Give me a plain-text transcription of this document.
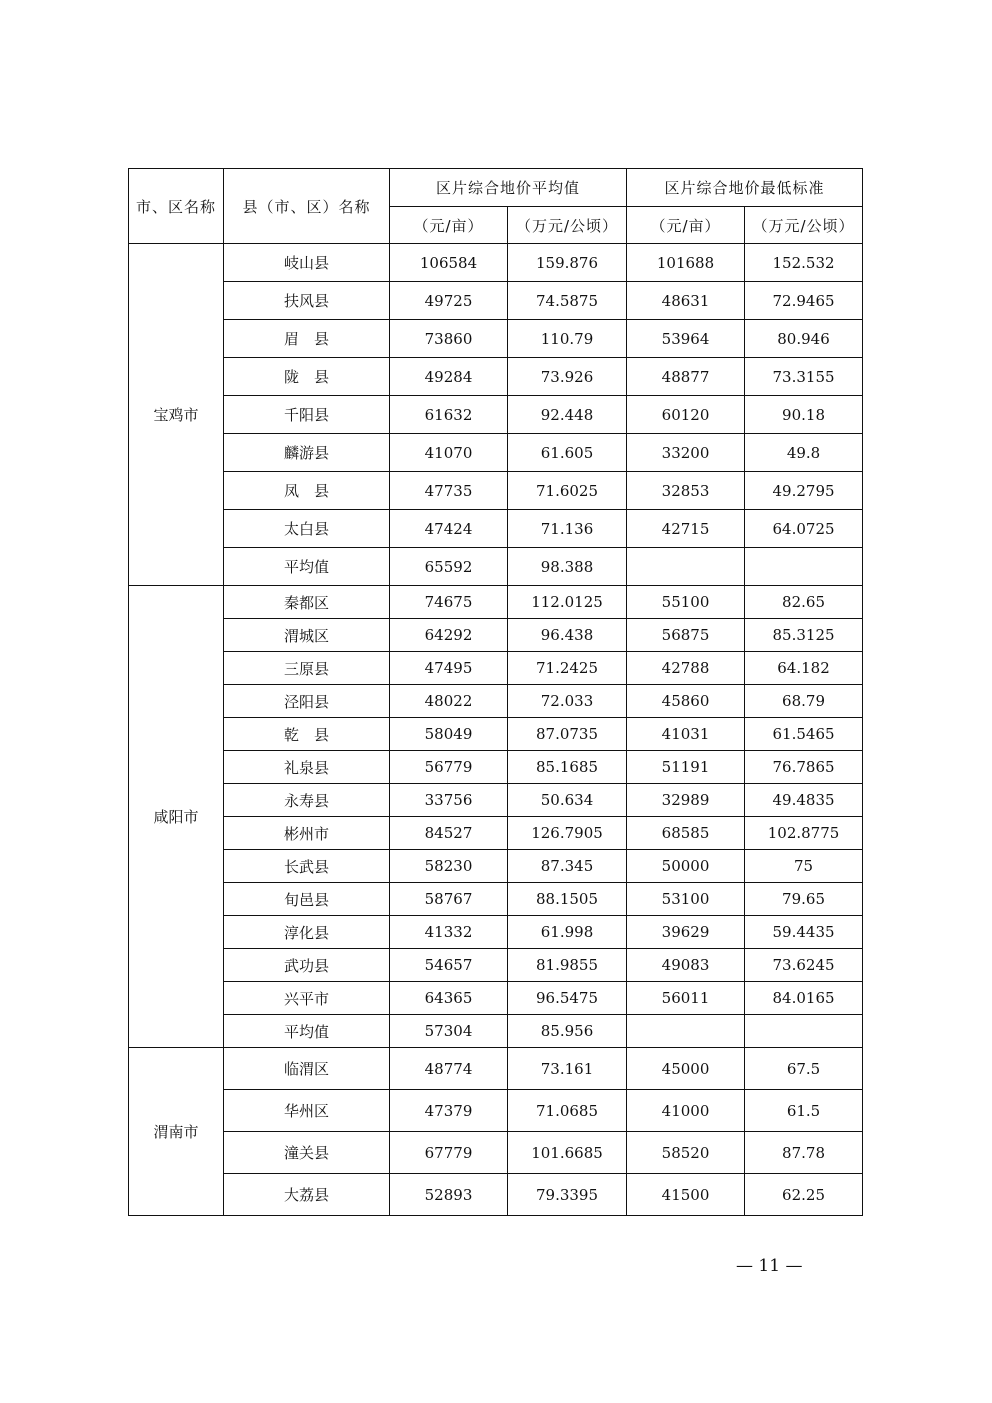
市、区名称	县（市、区）名称	区片综合地价平均值		区片综合地价最低标准	
		（元/亩）	（万元/公顷）	（元/亩）	（万元/公顷）
宝鸡市	岐山县	106584	159.876	101688	152.532
	扶风县	49725	74.5875	48631	72.9465
	眉　县	73860	110.79	53964	80.946
	陇　县	49284	73.926	48877	73.3155
	千阳县	61632	92.448	60120	90.18
	麟游县	41070	61.605	33200	49.8
	凤　县	47735	71.6025	32853	49.2795
	太白县	47424	71.136	42715	64.0725
	平均值	65592	98.388		
咸阳市	秦都区	74675	112.0125	55100	82.65
	渭城区	64292	96.438	56875	85.3125
	三原县	47495	71.2425	42788	64.182
	泾阳县	48022	72.033	45860	68.79
	乾　县	58049	87.0735	41031	61.5465
	礼泉县	56779	85.1685	51191	76.7865
	永寿县	33756	50.634	32989	49.4835
	彬州市	84527	126.7905	68585	102.8775
	长武县	58230	87.345	50000	75
	旬邑县	58767	88.1505	53100	79.65
	淳化县	41332	61.998	39629	59.4435
	武功县	54657	81.9855	49083	73.6245
	兴平市	64365	96.5475	56011	84.0165
	平均值	57304	85.956		
渭南市	临渭区	48774	73.161	45000	67.5
	华州区	47379	71.0685	41000	61.5
	潼关县	67779	101.6685	58520	87.78
	大荔县	52893	79.3395	41500	62.25
— 11 —
